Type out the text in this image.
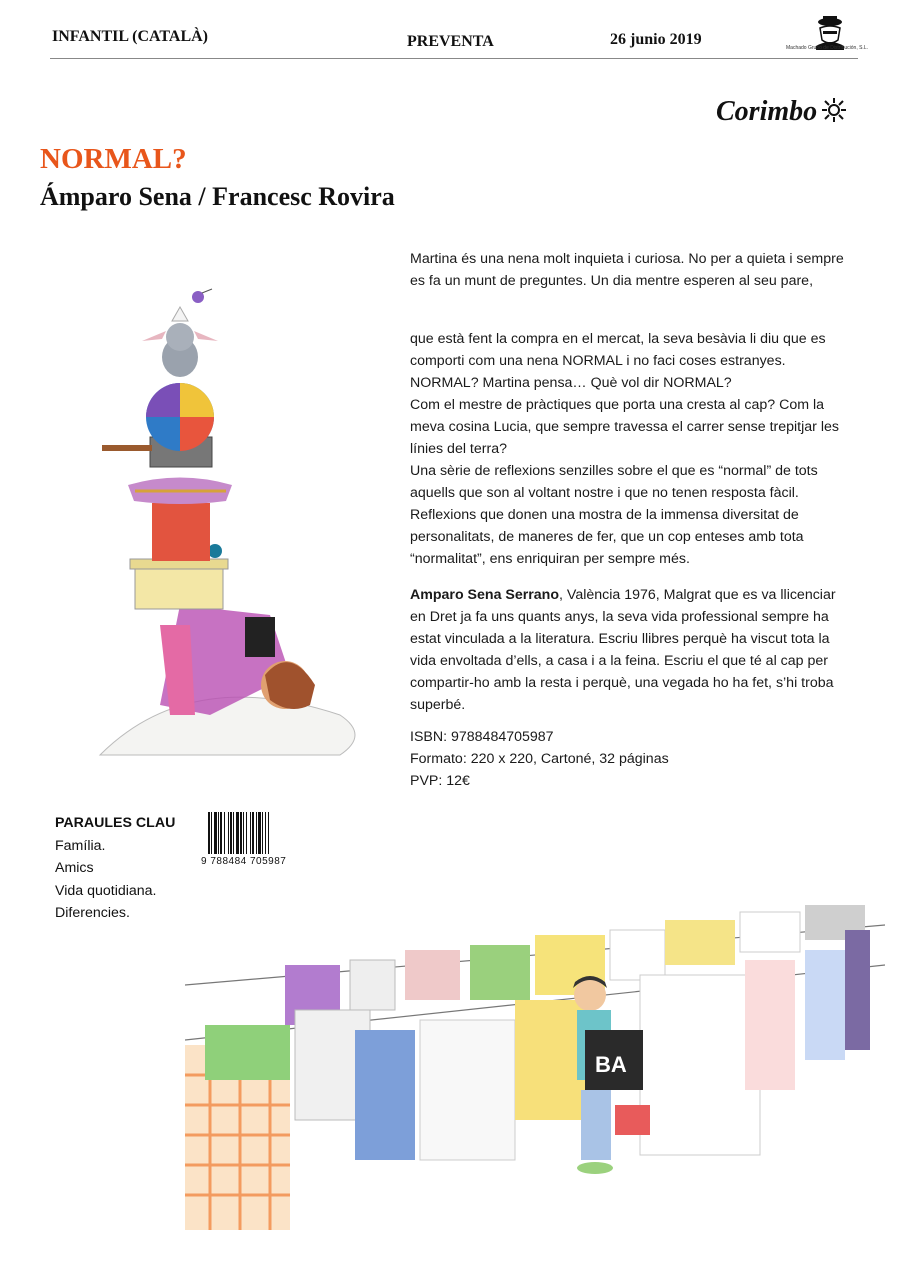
INFANTIL (CATALÀ)	PREVENTA	26 junio 2019	Machado Grupo de Distribución, S.L.
Corimbo
NORMAL?
Ámparo Sena / Francesc Rovira

Martina és una nena molt inquieta i curiosa. No per a quieta i sempre es fa un munt de preguntes. Un dia mentre esperen al seu pare,

que està fent la compra en el mercat, la seva besàvia li diu que es comporti com una nena NORMAL i no faci coses estranyes.

NORMAL? Martina pensa… Què vol dir NORMAL?

Com el mestre de pràctiques que porta una cresta al cap? Com la meva cosina Lucia, que sempre travessa el carrer sense trepitjar les línies del terra?

Una sèrie de reflexions senzilles sobre el que es “normal” de tots aquells que son al voltant nostre i que no tenen resposta fàcil. Reflexions que donen una mostra de la immensa diversitat de personalitats, de maneres de fer, que un cop enteses amb tota “normalitat”, ens enriquiran per sempre més.

Amparo Sena Serrano, València 1976, Malgrat que es va llicenciar en Dret ja fa uns quants anys, la seva vida professional sempre ha estat vinculada a la literatura. Escriu llibres perquè ha viscut tota la vida envoltada d’ells, a casa i a la feina. Escriu el que té al cap per compartir-ho amb la resta i perquè, una vegada ho ha fet, s’hi troba superbé.

ISBN: 9788484705987

Formato: 220 x 220, Cartoné, 32 páginas

PVP: 12€

PARAULES CLAU
Família.
Amics
Vida quotidiana.
Diferencies.
9 788484 705987
BA
